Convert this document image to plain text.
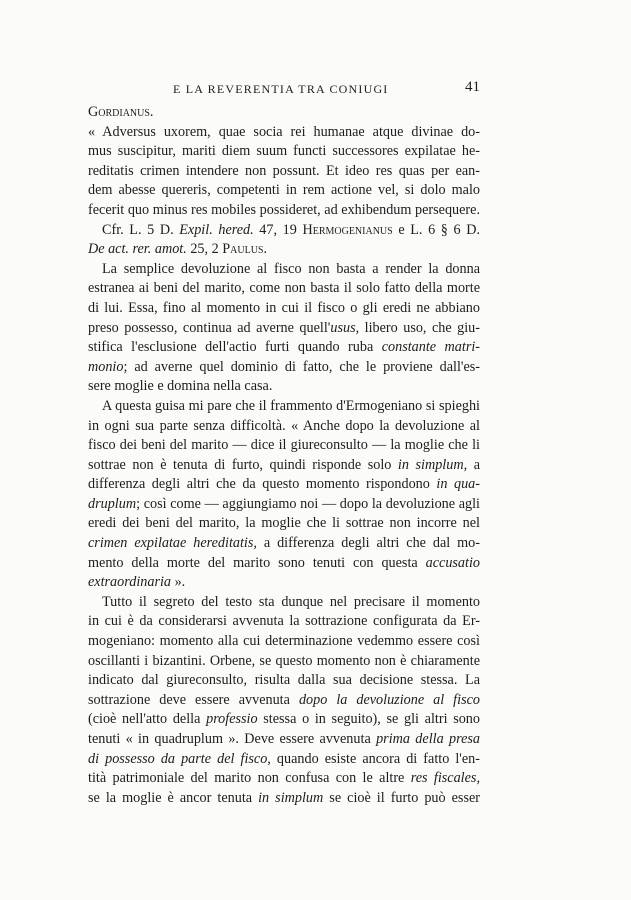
E LA REVERENTIA TRA CONIUGI	41
Gordianus.
« Adversus uxorem, quae socia rei humanae atque divinae do-
mus suscipitur, mariti diem suum functi successores expilatae he-
reditatis crimen intendere non possunt. Et ideo res quas per ean-
dem abesse quereris, competenti in rem actione vel, si dolo malo
fecerit quo minus res mobiles possideret, ad exhibendum persequere.
Cfr. L. 5 D. Expil. hered. 47, 19 Hermogenianus e L. 6 § 6 D.
De act. rer. amot. 25, 2 Paulus.
La semplice devoluzione al fisco non basta a render la donna
estranea ai beni del marito, come non basta il solo fatto della morte
di lui. Essa, fino al momento in cui il fisco o gli eredi ne abbiano
preso possesso, continua ad averne quell'usus, libero uso, che giu-
stifica l'esclusione dell'actio furti quando ruba constante matri-
monio; ad averne quel dominio di fatto, che le proviene dall'es-
sere moglie e domina nella casa.
A questa guisa mi pare che il frammento d'Ermogeniano si spieghi
in ogni sua parte senza difficoltà. « Anche dopo la devoluzione al
fisco dei beni del marito — dice il giureconsulto — la moglie che li
sottrae non è tenuta di furto, quindi risponde solo in simplum, a
differenza degli altri che da questo momento rispondono in qua-
druplum; così come — aggiungiamo noi — dopo la devoluzione agli
eredi dei beni del marito, la moglie che li sottrae non incorre nel
crimen expilatae hereditatis, a differenza degli altri che dal mo-
mento della morte del marito sono tenuti con questa accusatio
extraordinaria ».
Tutto il segreto del testo sta dunque nel precisare il momento
in cui è da considerarsi avvenuta la sottrazione configurata da Er-
mogeniano: momento alla cui determinazione vedemmo essere così
oscillanti i bizantini. Orbene, se questo momento non è chiaramente
indicato dal giureconsulto, risulta dalla sua decisione stessa. La
sottrazione deve essere avvenuta dopo la devoluzione al fisco
(cioè nell'atto della professio stessa o in seguito), se gli altri sono
tenuti « in quadruplum ». Deve essere avvenuta prima della presa
di possesso da parte del fisco, quando esiste ancora di fatto l'en-
tità patrimoniale del marito non confusa con le altre res fiscales,
se la moglie è ancor tenuta in simplum se cioè il furto può esser
